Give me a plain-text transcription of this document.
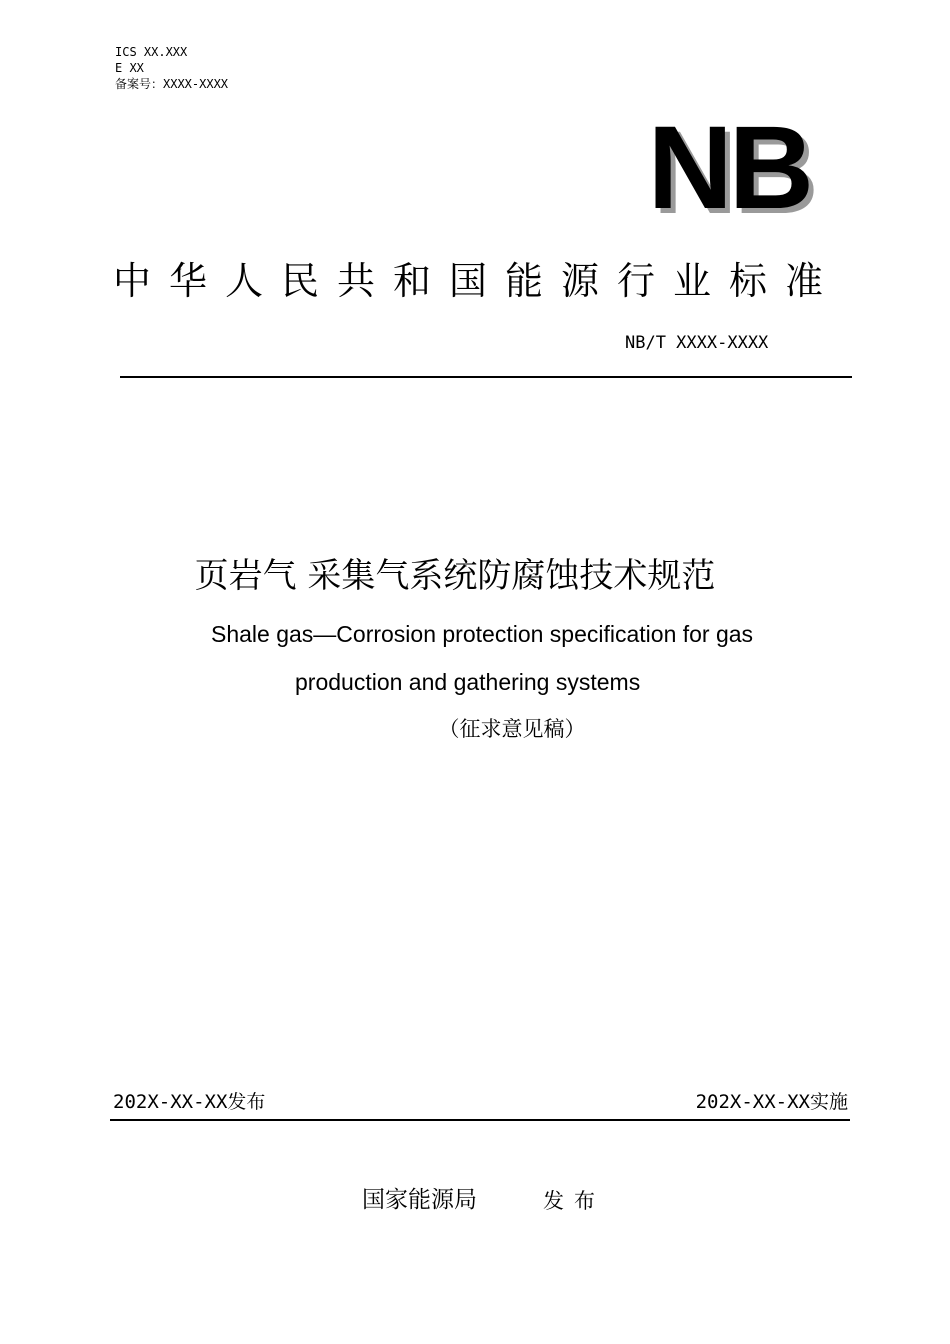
ICS XX.XXX
E XX
备案号：XXXX-XXXX
NB
中华人民共和国能源行业标准
NB/T XXXX-XXXX
页岩气 采集气系统防腐蚀技术规范
Shale gas—Corrosion protection specification for gas
production and gathering systems
（征求意见稿）
202X-XX-XX发布	202X-XX-XX实施
国家能源局	发布
